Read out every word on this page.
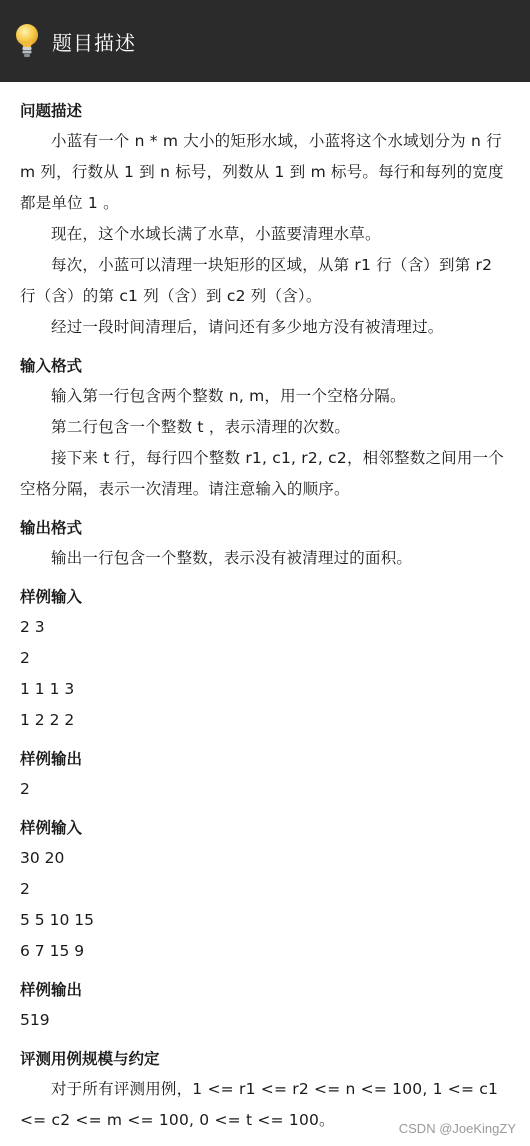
题目描述
问题描述

小蓝有一个 n * m 大小的矩形水域，小蓝将这个水域划分为 n 行 m 列，行数从 1 到 n 标号，列数从 1 到 m 标号。每行和每列的宽度都是单位 1 。

现在，这个水域长满了水草，小蓝要清理水草。

每次，小蓝可以清理一块矩形的区域，从第 r1 行（含）到第 r2 行（含）的第 c1 列（含）到 c2 列（含）。

经过一段时间清理后，请问还有多少地方没有被清理过。

输入格式

输入第一行包含两个整数 n, m，用一个空格分隔。

第二行包含一个整数 t ，表示清理的次数。

接下来 t 行，每行四个整数 r1, c1, r2, c2，相邻整数之间用一个空格分隔，表示一次清理。请注意输入的顺序。

输出格式

输出一行包含一个整数，表示没有被清理过的面积。

样例输入

2 3

2

1 1 1 3

1 2 2 2

样例输出

2

样例输入

30 20

2

5 5 10 15

6 7 15 9

样例输出

519

评测用例规模与约定

对于所有评测用例，1 <= r1 <= r2 <= n <= 100, 1 <= c1 <= c2 <= m <= 100, 0 <= t <= 100。	CSDN @JoeKingZY
